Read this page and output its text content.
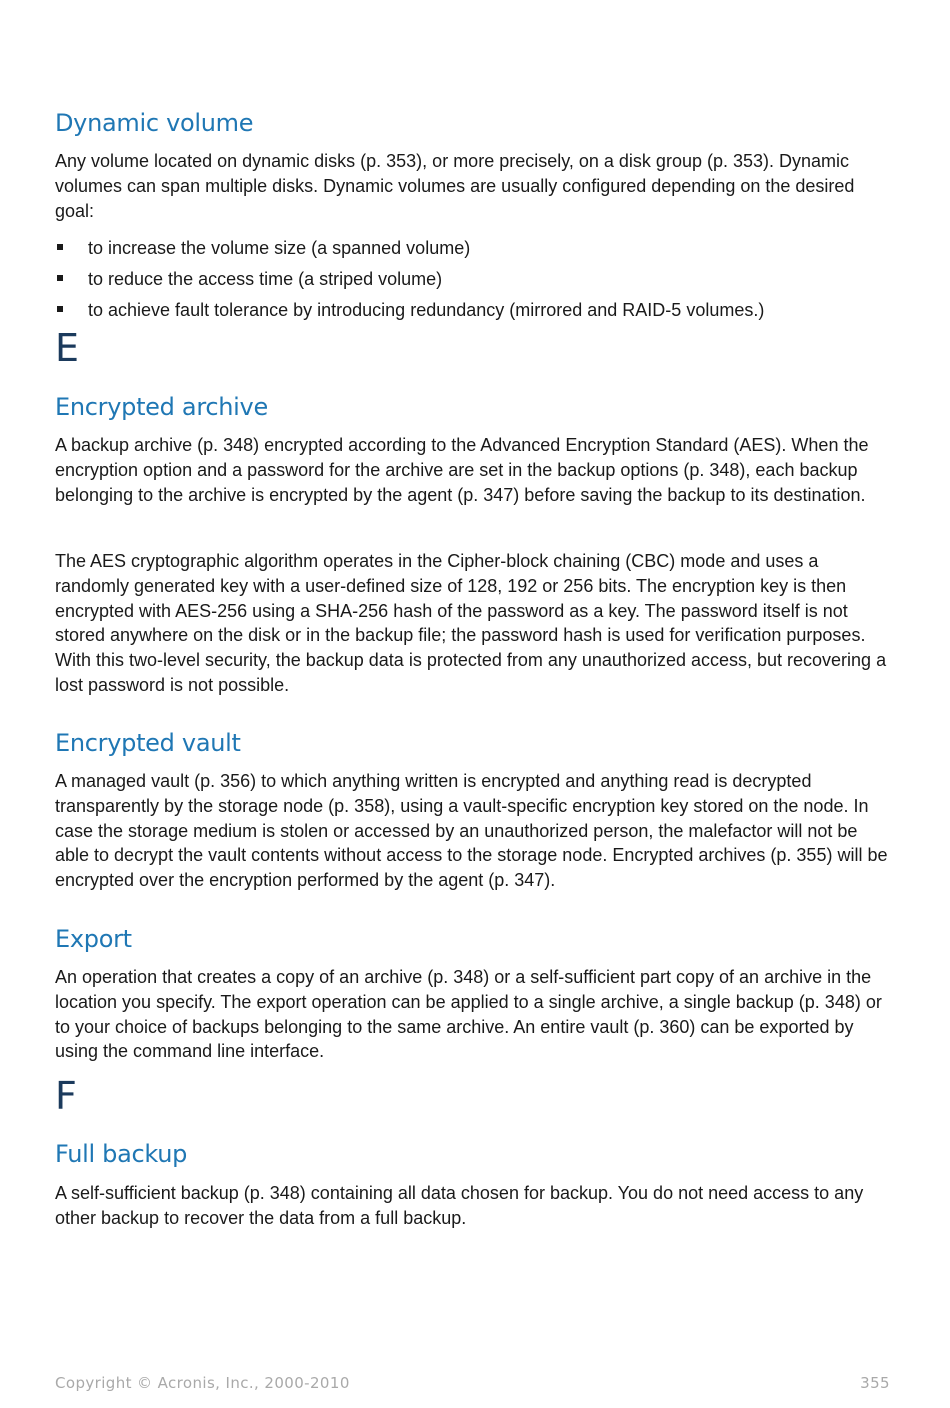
Dynamic volume

Any volume located on dynamic disks (p. 353), or more precisely, on a disk group (p. 353). Dynamic volumes can span multiple disks. Dynamic volumes are usually configured depending on the desired goal:

to increase the volume size (a spanned volume)
to reduce the access time (a striped volume)
to achieve fault tolerance by introducing redundancy (mirrored and RAID-5 volumes.)
E
Encrypted archive

A backup archive (p. 348) encrypted according to the Advanced Encryption Standard (AES). When the encryption option and a password for the archive are set in the backup options (p. 348), each backup belonging to the archive is encrypted by the agent (p. 347) before saving the backup to its destination.

The AES cryptographic algorithm operates in the Cipher-block chaining (CBC) mode and uses a randomly generated key with a user-defined size of 128, 192 or 256 bits. The encryption key is then encrypted with AES-256 using a SHA-256 hash of the password as a key. The password itself is not stored anywhere on the disk or in the backup file; the password hash is used for verification purposes. With this two-level security, the backup data is protected from any unauthorized access, but recovering a lost password is not possible.

Encrypted vault

A managed vault (p. 356) to which anything written is encrypted and anything read is decrypted transparently by the storage node (p. 358), using a vault-specific encryption key stored on the node. In case the storage medium is stolen or accessed by an unauthorized person, the malefactor will not be able to decrypt the vault contents without access to the storage node. Encrypted archives (p. 355) will be encrypted over the encryption performed by the agent (p. 347).

Export

An operation that creates a copy of an archive (p. 348) or a self-sufficient part copy of an archive in the location you specify. The export operation can be applied to a single archive, a single backup (p. 348) or to your choice of backups belonging to the same archive. An entire vault (p. 360) can be exported by using the command line interface.

F
Full backup

A self-sufficient backup (p. 348) containing all data chosen for backup. You do not need access to any other backup to recover the data from a full backup.

Copyright © Acronis, Inc., 2000-2010	355
